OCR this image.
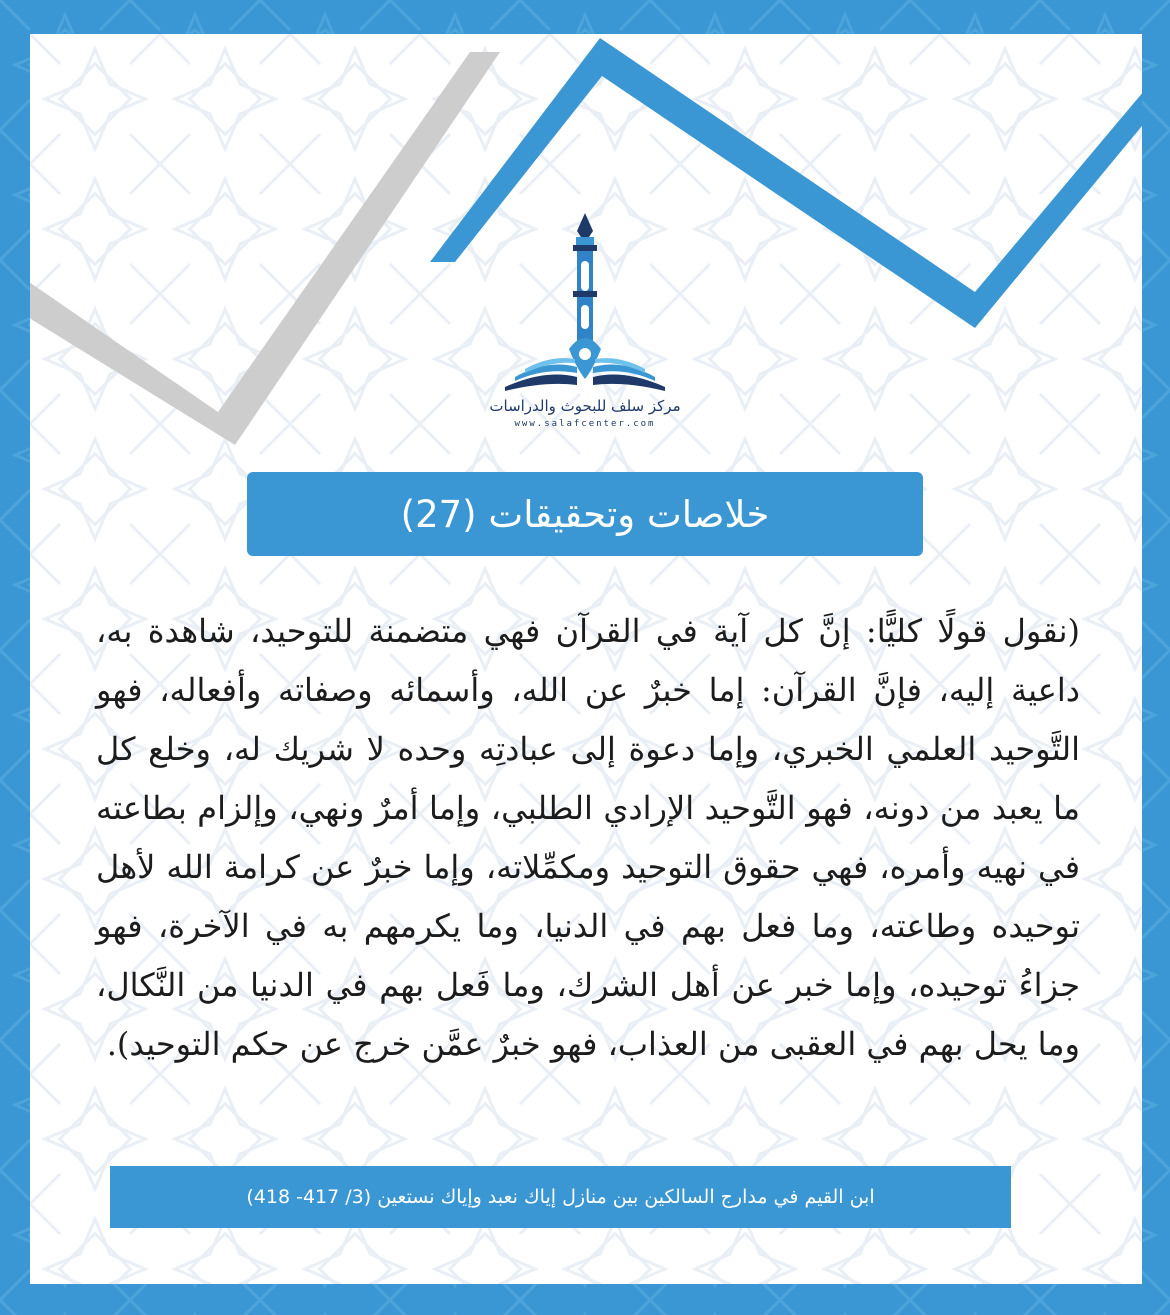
مركز سلف للبحوث والدراسات
www.salafcenter.com
خلاصات وتحقيقات (27)
(نقول قولًا كليًّا: إنَّ كل آية في القرآن فهي متضمنة للتوحيد، شاهدة به، داعية إليه، فإنَّ القرآن: إما خبرٌ عن الله، وأسمائه وصفاته وأفعاله، فهو التَّوحيد العلمي الخبري، وإما دعوة إلى عبادتِه وحده لا شريك له، وخلع كل ما يعبد من دونه، فهو التَّوحيد الإرادي الطلبي، وإما أمرٌ ونهي، وإلزام بطاعته في نهيه وأمره، فهي حقوق التوحيد ومكمِّلاته، وإما خبرٌ عن كرامة الله لأهل توحيده وطاعته، وما فعل بهم في الدنيا، وما يكرمهم به في الآخرة، فهو جزاءُ توحيده، وإما خبر عن أهل الشرك، وما فَعل بهم في الدنيا من النَّكال، وما يحل بهم في العقبى من العذاب، فهو خبرٌ عمَّن خرج عن حكم التوحيد).
ابن القيم في مدارج السالكين بين منازل إياك نعبد وإياك نستعين (3/ 417- 418)
